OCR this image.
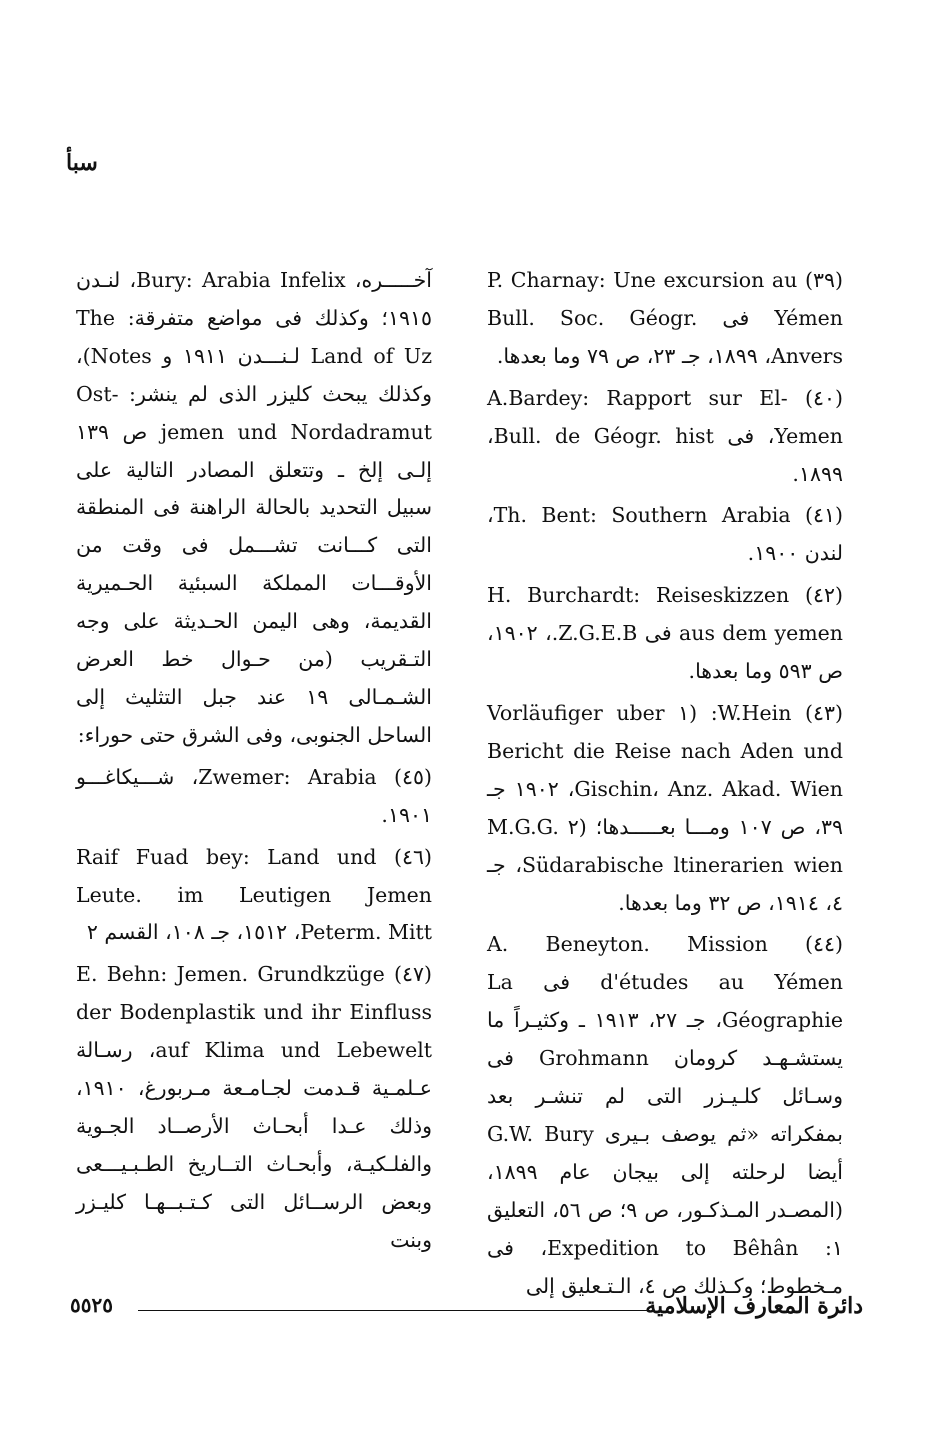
سبأ

(٣٩) P. Charnay: Une excursion au Yémen فى Bull. Soc. Géogr. Anvers، ١٨٩٩، جـ ٢٣، ص ٧٩ وما بعدها.

(٤٠) A.Bardey: Rapport sur El-Yemen، فى Bull. de Géogr. hist، ١٨٩٩.

(٤١) Th. Bent: Southern Arabia، لندن ١٩٠٠.

(٤٢) H. Burchardt: Reiseskizzen aus dem yemen فى Z.G.E.B.، ١٩٠٢، ص ٥٩٣ وما بعدها.

(٤٣) W.Hein: (١ Vorläufiger uber Bericht die Reise nach Aden und Gischin، Anz. Akad. Wien، ١٩٠٢ جـ ٣٩، ص ١٠٧ ومـــا بعـــــدها؛ (٢ M.G.G. Südarabische ltinerarien wien، جـ ٤، ١٩١٤، ص ٣٢ وما بعدها.

(٤٤) A. Beneyton. Mission d'études au Yémen فى La Géographie، جـ ٢٧، ١٩١٣ ـ وكثيـراً ما يستشـهـد كرومان Grohmann فى وسـائل كلـيـزر التى لم تنشـر بعد بمفكراته «ثم يوصف بـيرى G.W. Bury أيضا لرحلته إلى بيجان عام ١٨٩٩، (المصـدر المـذكـور، ص ٩؛ ص ٥٦، التعليق ١: Expedition to Bêhân، فى مـخطوط؛ وكـذلك ص ٤، الـتـعليق إلى

آخـــــره، Bury: Arabia Infelix، لنـدن ١٩١٥؛ وكذلك فى مواضع متفرقة: The Land of Uz لـنـــدن ١٩١١ و Notes)، وكذلك يبحث كليزر الذى لم ينشر: Ost-jemen und Nordadramut ص ١٣٩ إلـى إلخ ـ وتتعلق المصادر التالية على سبيل التحديد بالحالة الراهنة فى المنطقة التى كـــانت تشـــمل فى وقت من الأوقـــات المملكة السبئية الحـميرية القديمة، وهى اليمن الحـديثة على وجه التـقريب (من حـوال خط العرض الشـمـالى ١٩ عند جبل التثليث إلى الساحل الجنوبى، وفى الشرق حتى حوراء:

(٤٥) Zwemer: Arabia، شـــيكاغـــو ١٩٠١.

(٤٦) Raif Fuad bey: Land und Leute. im Leutigen Jemen Peterm. Mitt، ١٥١٢، جـ ١٠٨، القسم ٢

(٤٧) E. Behn: Jemen. Grundkzüge der Bodenplastik und ihr Einfluss auf Klima und Lebewelt، رسـالة عـلمـية قـدمت لجـامـعة مـربورغ، ١٩١٠، وذلك عـدا أبحـاث الأرصــاد الجـوية والفلـكيـة، وأبحـاث التــاريخ الطـبـيـــعى وبعض الرســائل التى كـتـبــهـا كليـزر وبنت

دائرة المعارف الإسلامية
٥٥٢٥
